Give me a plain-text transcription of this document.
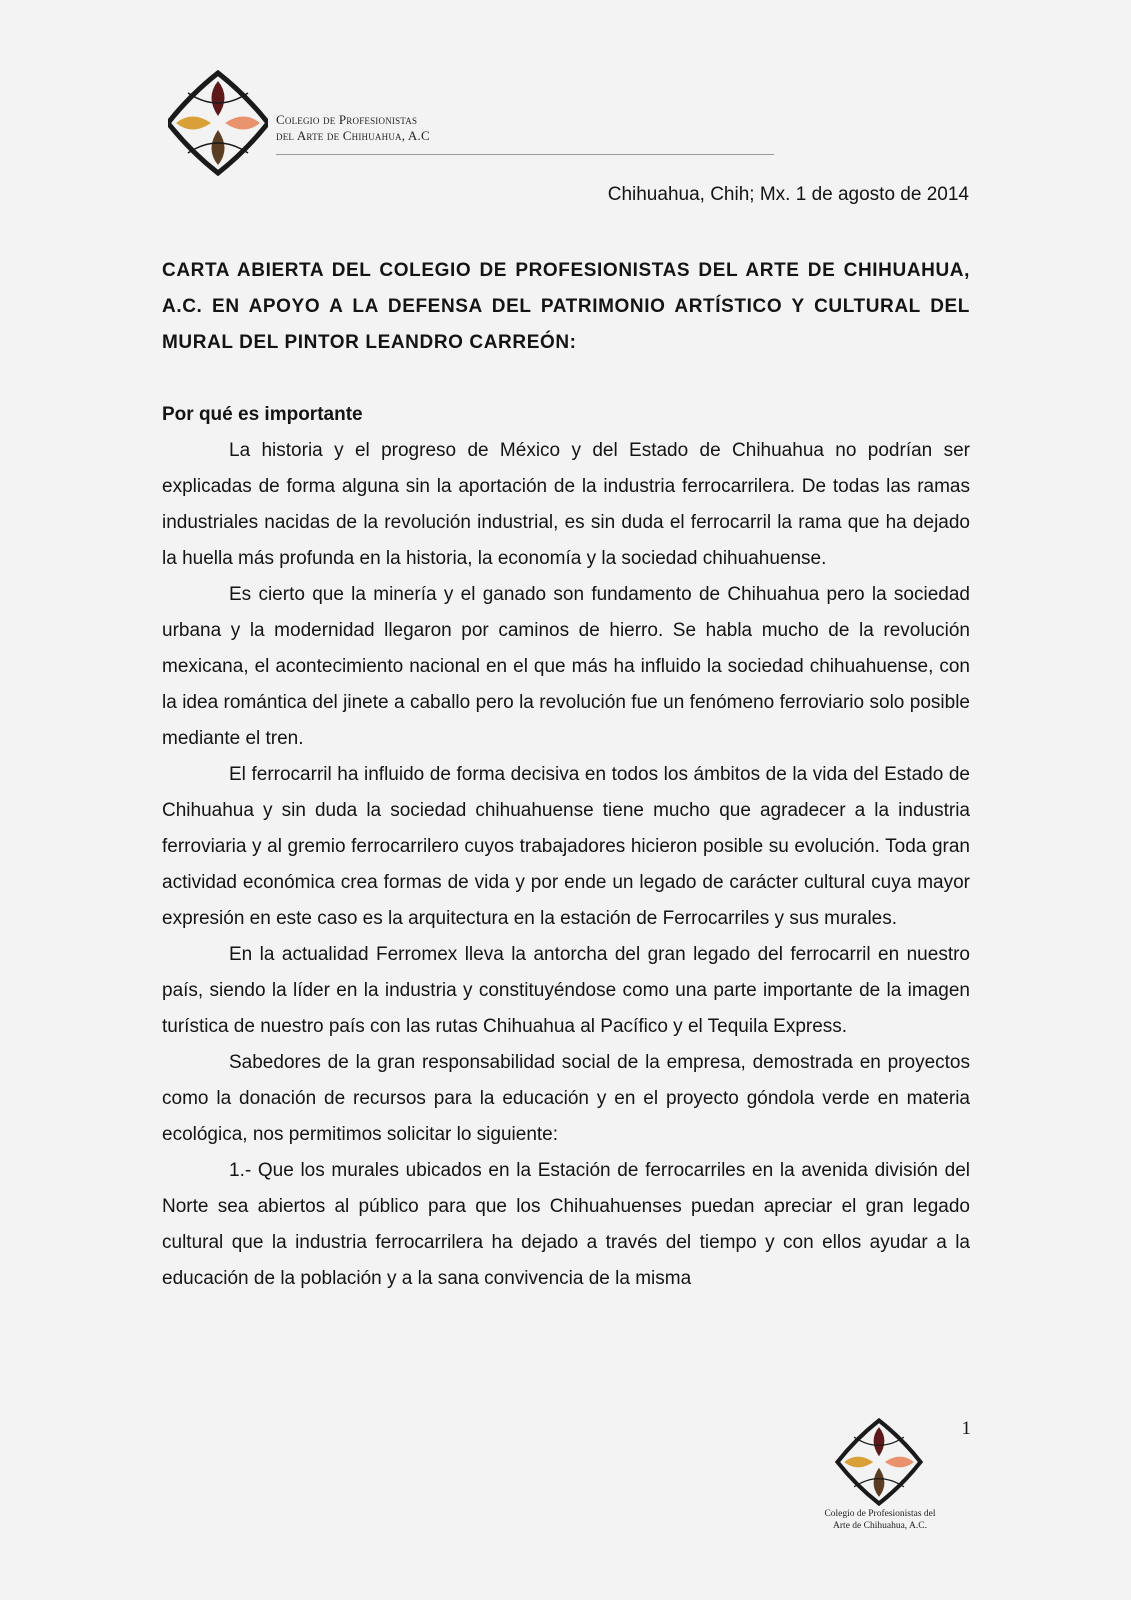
Colegio de Profesionistas
del Arte de Chihuahua, A.C
Chihuahua, Chih; Mx. 1 de agosto de 2014

CARTA ABIERTA DEL COLEGIO DE PROFESIONISTAS DEL ARTE DE CHIHUAHUA, A.C. EN APOYO A LA DEFENSA DEL PATRIMONIO ARTÍSTICO Y CULTURAL DEL MURAL DEL PINTOR LEANDRO CARREÓN:

Por qué es importante

La historia y el progreso de México y del Estado de Chihuahua no podrían ser explicadas de forma alguna sin la aportación de la industria ferrocarrilera. De todas las ramas industriales nacidas de la revolución industrial, es sin duda el ferrocarril la rama que ha dejado la huella más profunda en la historia, la economía y la sociedad chihuahuense.

Es cierto que la minería y el ganado son fundamento de Chihuahua pero la sociedad urbana y la modernidad llegaron por caminos de hierro. Se habla mucho de la revolución mexicana, el acontecimiento nacional en el que más ha influido la sociedad chihuahuense, con la idea romántica del jinete a caballo pero la revolución fue un fenómeno ferroviario solo posible mediante el tren.

El ferrocarril ha influido de forma decisiva en todos los ámbitos de la vida del Estado de Chihuahua y sin duda la sociedad chihuahuense tiene mucho que agradecer a la industria ferroviaria y al gremio ferrocarrilero cuyos trabajadores hicieron posible su evolución. Toda gran actividad económica crea formas de vida y por ende un legado de carácter cultural cuya mayor expresión en este caso es la arquitectura en la estación de Ferrocarriles y sus murales.

En la actualidad Ferromex lleva la antorcha del gran legado del ferrocarril en nuestro país, siendo la líder en la industria y constituyéndose como una parte importante de la imagen turística de nuestro país con las rutas Chihuahua al Pacífico y el Tequila Express.

Sabedores de la gran responsabilidad social de la empresa, demostrada en proyectos como la donación de recursos para la educación y en el proyecto góndola verde en materia ecológica, nos permitimos solicitar lo siguiente:

1.- Que los murales ubicados en la Estación de ferrocarriles en la avenida división del Norte sea abiertos al público para que los Chihuahuenses puedan apreciar el gran legado cultural que la industria ferrocarrilera ha dejado a través del tiempo y con ellos ayudar a la educación de la población y a la sana convivencia de la misma

1
Colegio de Profesionistas del
Arte de Chihuahua, A.C.
